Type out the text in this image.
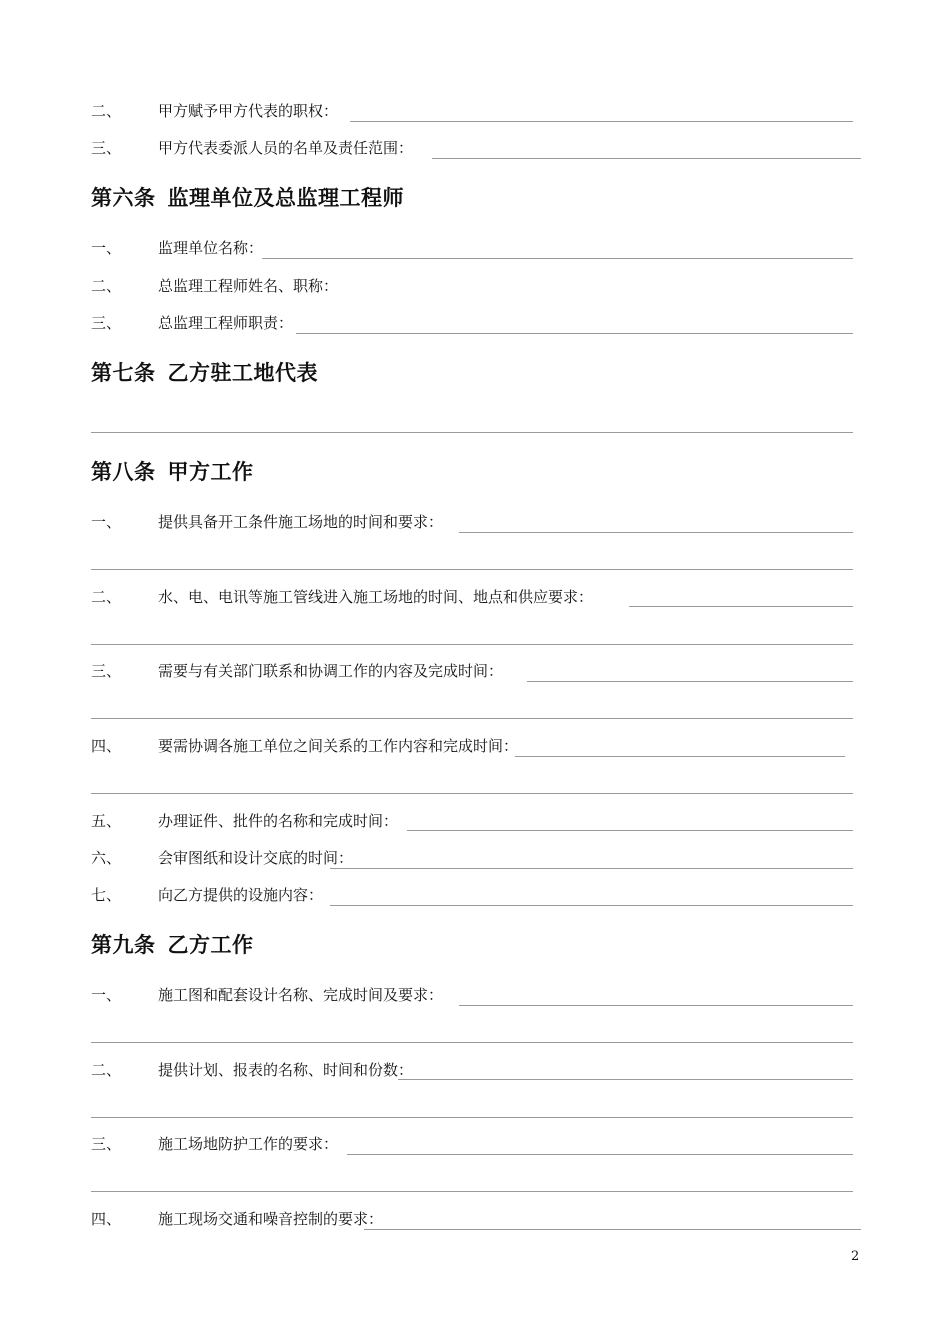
二、 甲方赋予甲方代表的职权：
三、 甲方代表委派人员的名单及责任范围：
第六条 监理单位及总监理工程师
一、 监理单位名称：
二、 总监理工程师姓名、职称：
三、 总监理工程师职责：
第七条 乙方驻工地代表
第八条 甲方工作
一、 提供具备开工条件施工场地的时间和要求：
二、 水、电、电讯等施工管线进入施工场地的时间、地点和供应要求：
三、 需要与有关部门联系和协调工作的内容及完成时间：
四、 要需协调各施工单位之间关系的工作内容和完成时间：
五、 办理证件、批件的名称和完成时间：
六、 会审图纸和设计交底的时间：
七、 向乙方提供的设施内容：
第九条 乙方工作
一、 施工图和配套设计名称、完成时间及要求：
二、 提供计划、报表的名称、时间和份数：
三、 施工场地防护工作的要求：
四、 施工现场交通和噪音控制的要求：
2
